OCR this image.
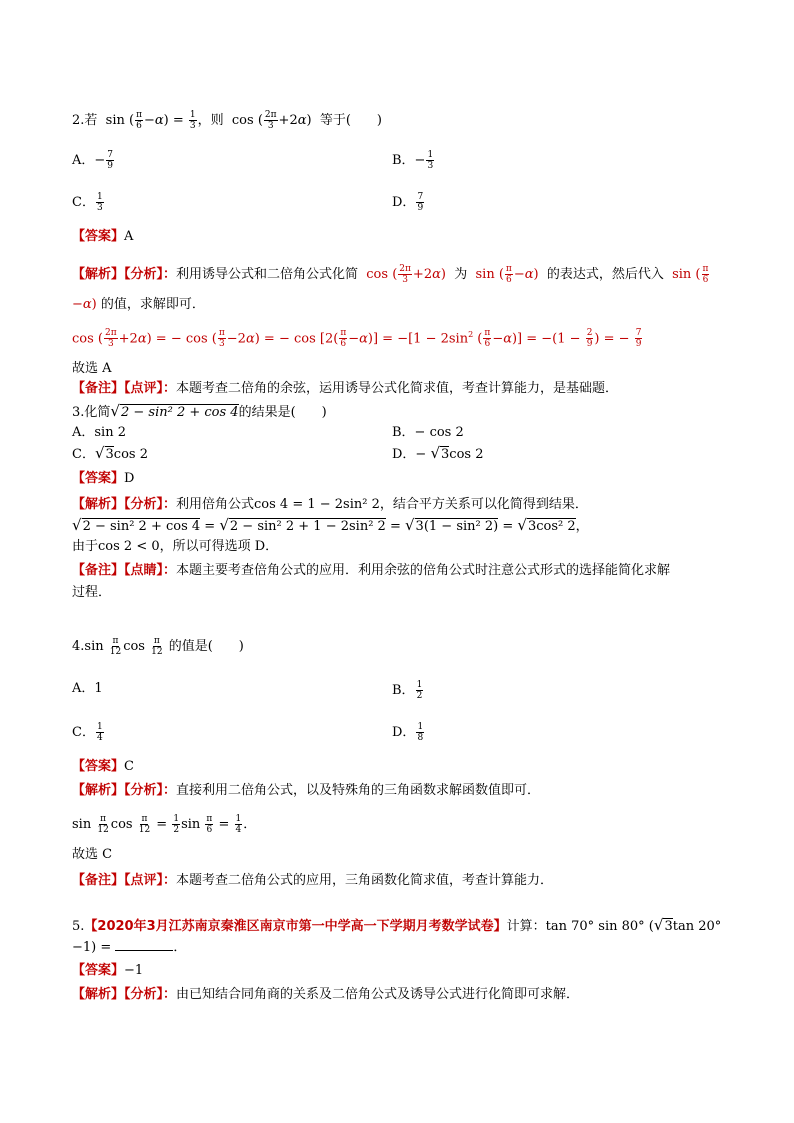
2.若  sin ( $\frac{\pi}{6} -\alpha) = \frac{1}{3}$ ，则  cos ( $\frac{2\pi}{3} +2\alpha$)  等于(　　)
A．− $\frac{7}{9}$	B．− $\frac{1}{3}$
C． $\frac{1}{3}$	D． $\frac{7}{9}$
【答案】A
【解析】【分析】：利用诱导公式和二倍角公式化简  cos ( $\frac{2\pi}{3} +2\alpha$)  为  sin ( $\frac{\pi}{6} -\alpha$)  的表达式，然后代入  sin ( $\frac{\pi}{6}$
−α) 的值，求解即可．
cos ( $\frac{2\pi}{3} +2\alpha$) = − cos ( $\frac{\pi}{3} -2\alpha$) = − $\cos [2( \frac{\pi}{6} -\alpha)] = -[1 - 2\sin^2$ ( $\frac{\pi}{6} -\alpha)] = -(1 - \frac{2}{9}$ ) = − $\frac{7}{9}$
故选 A
【备注】【点评】：本题考查二倍角的余弦，运用诱导公式化简求值，考查计算能力，是基础题．
3.化简√2 − sin² 2 + cos 4的结果是(　　)
A．sin 2	B．− cos 2
C．√3cos 2	D．− √3cos 2
【答案】D
【解析】【分析】：利用倍角公式cos 4 = 1 − 2sin² 2，结合平方关系可以化简得到结果．
√2 − sin² 2 + cos 4 = √2 − sin² 2 + 1 − 2sin² 2 = √3(1 − sin² 2) = √3cos² 2，
由于cos 2 < 0，所以可得选项 D．
【备注】【点睛】：本题主要考查倍角公式的应用．利用余弦的倍角公式时注意公式形式的选择能简化求解
过程．
$4.\sin \frac{\pi}{12}$ $\cos \frac{\pi}{12}$ 的值是(　　)
A．1	B． $\frac{1}{2}$
C． $\frac{1}{4}$	D． $\frac{1}{8}$
【答案】C
【解析】【分析】：直接利用二倍角公式，以及特殊角的三角函数求解函数值即可．
$\sin \frac{\pi}{12}$ $\cos \frac{\pi}{12} = \frac{1}{2}$ $\sin \frac{\pi}{6} = \frac{1}{4}$ ．
故选 C
【备注】【点评】：本题考查二倍角公式的应用，三角函数化简求值，考查计算能力．
5.【2020年3月江苏南京秦淮区南京市第一中学高一下学期月考数学试卷】计算：tan 70° sin 80° (√3tan 20°
−1) =	．
【答案】−1
【解析】【分析】：由已知结合同角商的关系及二倍角公式及诱导公式进行化简即可求解．
